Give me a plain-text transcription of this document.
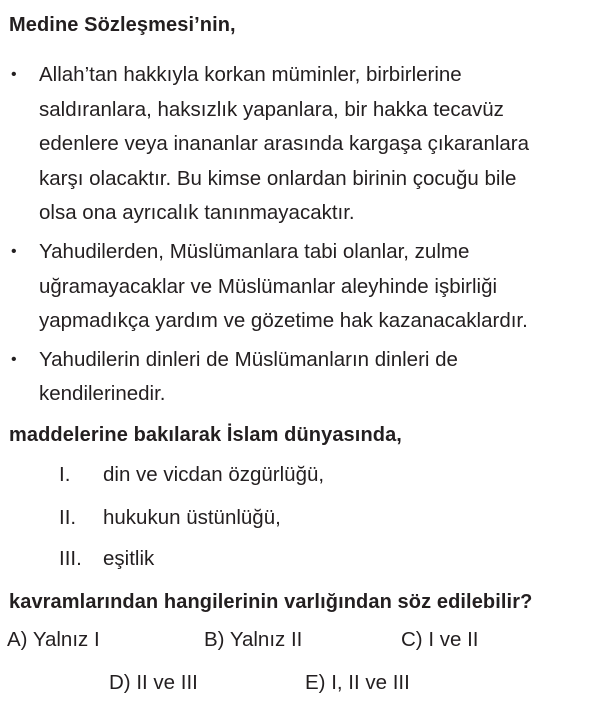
Medine Sözleşmesi’nin,
• Allah’tan hakkıyla korkan müminler, birbirlerine
saldıranlara, haksızlık yapanlara, bir hakka tecavüz
edenlere veya inananlar arasında kargaşa çıkaranlara
karşı olacaktır. Bu kimse onlardan birinin çocuğu bile
olsa ona ayrıcalık tanınmayacaktır.
• Yahudilerden, Müslümanlara tabi olanlar, zulme
uğramayacaklar ve Müslümanlar aleyhinde işbirliği
yapmadıkça yardım ve gözetime hak kazanacaklardır.
• Yahudilerin dinleri de Müslümanların dinleri de
kendilerinedir.
maddelerine bakılarak İslam dünyasında,
I. din ve vicdan özgürlüğü,
II. hukukun üstünlüğü,
III. eşitlik
kavramlarından hangilerinin varlığından söz edilebilir?
A) Yalnız I	B) Yalnız II	C) I ve II
D) II ve III	E) I, II ve III
